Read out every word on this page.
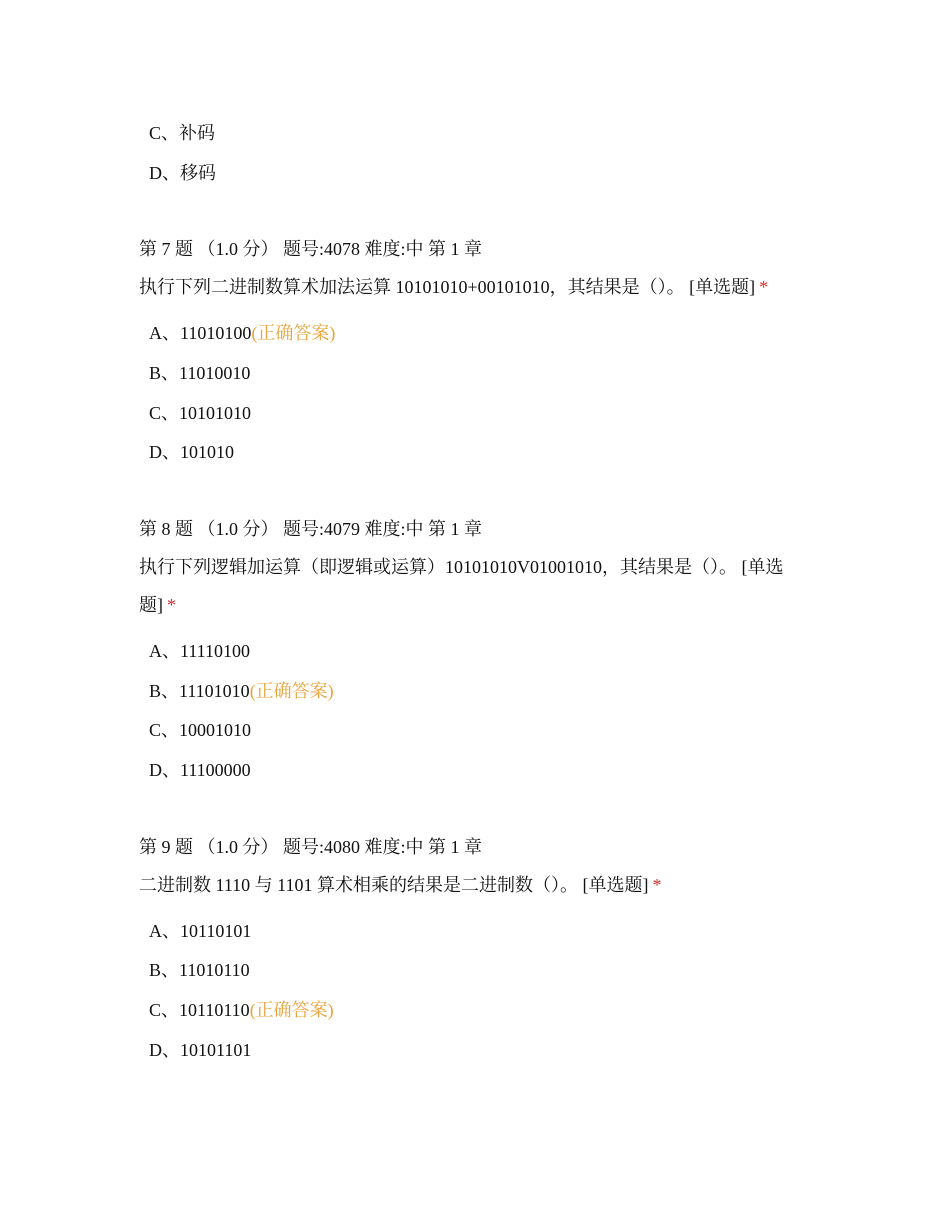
C、补码
D、移码
第 7 题 （1.0 分） 题号:4078 难度:中 第 1 章
执行下列二进制数算术加法运算 10101010+00101010，其结果是（）。 [单选题] *
A、11010100(正确答案)
B、11010010
C、10101010
D、101010
第 8 题 （1.0 分） 题号:4079 难度:中 第 1 章
执行下列逻辑加运算（即逻辑或运算）10101010V01001010，其结果是（）。 [单选题] *
A、11110100
B、11101010(正确答案)
C、10001010
D、11100000
第 9 题 （1.0 分） 题号:4080 难度:中 第 1 章
二进制数 1110 与 1101 算术相乘的结果是二进制数（）。 [单选题] *
A、10110101
B、11010110
C、10110110(正确答案)
D、10101101
